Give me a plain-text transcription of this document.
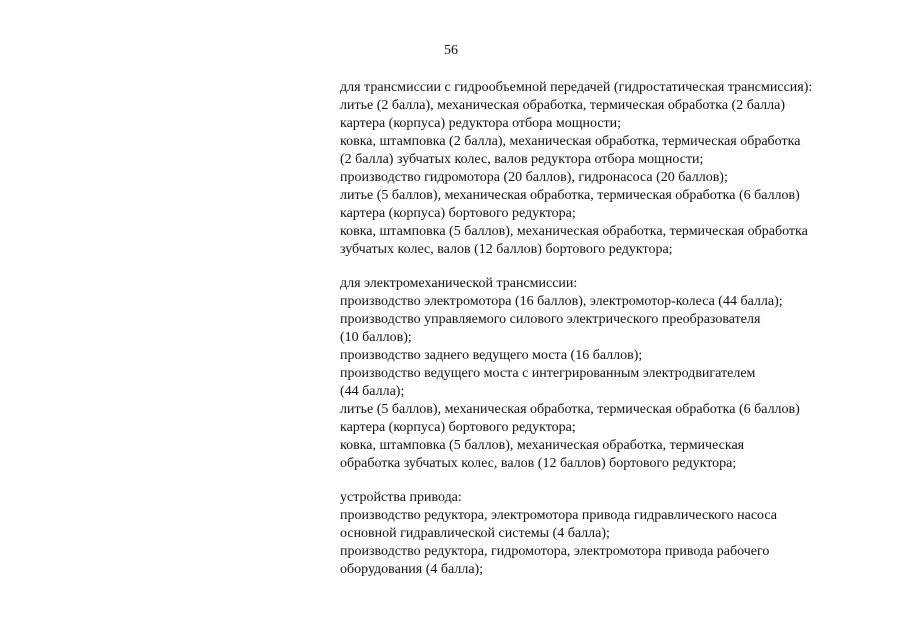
56
для трансмиссии с гидрообъемной передачей (гидростатическая трансмиссия):
литье (2 балла), механическая обработка, термическая обработка (2 балла)
картера (корпуса) редуктора отбора мощности;
ковка, штамповка (2 балла), механическая обработка, термическая обработка
(2 балла) зубчатых колес, валов редуктора отбора мощности;
производство гидромотора (20 баллов), гидронасоса (20 баллов);
литье (5 баллов), механическая обработка, термическая обработка (6 баллов)
картера (корпуса) бортового редуктора;
ковка, штамповка (5 баллов), механическая обработка, термическая обработка
зубчатых колес, валов (12 баллов) бортового редуктора;
для электромеханической трансмиссии:
производство электромотора (16 баллов), электромотор-колеса (44 балла);
производство управляемого силового электрического преобразователя
(10 баллов);
производство заднего ведущего моста (16 баллов);
производство ведущего моста с интегрированным электродвигателем
(44 балла);
литье (5 баллов), механическая обработка, термическая обработка (6 баллов)
картера (корпуса) бортового редуктора;
ковка, штамповка (5 баллов), механическая обработка, термическая
обработка зубчатых колес, валов (12 баллов) бортового редуктора;
устройства привода:
производство редуктора, электромотора привода гидравлического насоса
основной гидравлической системы (4 балла);
производство редуктора, гидромотора, электромотора привода рабочего
оборудования (4 балла);
